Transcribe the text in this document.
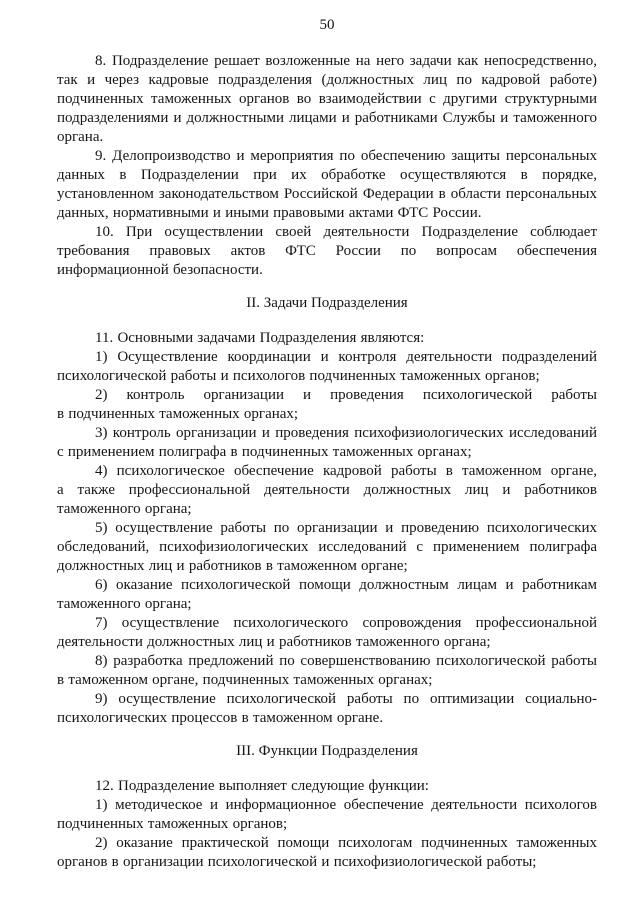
50

8. Подразделение решает возложенные на него задачи как непосредственно, так и через кадровые подразделения (должностных лиц по кадровой работе) подчиненных таможенных органов во взаимодействии с другими структурными подразделениями и должностными лицами и работниками Службы и таможенного органа.

9. Делопроизводство и мероприятия по обеспечению защиты персональных данных в Подразделении при их обработке осуществляются в порядке, установленном законодательством Российской Федерации в области персональных данных, нормативными и иными правовыми актами ФТС России.

10. При осуществлении своей деятельности Подразделение соблюдает требования правовых актов ФТС России по вопросам обеспечения информационной безопасности.

II. Задачи Подразделения

11. Основными задачами Подразделения являются:

1) Осуществление координации и контроля деятельности подразделений психологической работы и психологов подчиненных таможенных органов;

2) контроль организации и проведения психологической работы в подчиненных таможенных органах;

3) контроль организации и проведения психофизиологических исследований с применением полиграфа в подчиненных таможенных органах;

4) психологическое обеспечение кадровой работы в таможенном органе, а также профессиональной деятельности должностных лиц и работников таможенного органа;

5) осуществление работы по организации и проведению психологических обследований, психофизиологических исследований с применением полиграфа должностных лиц и работников в таможенном органе;

6) оказание психологической помощи должностным лицам и работникам таможенного органа;

7) осуществление психологического сопровождения профессиональной деятельности должностных лиц и работников таможенного органа;

8) разработка предложений по совершенствованию психологической работы в таможенном органе, подчиненных таможенных органах;

9) осуществление психологической работы по оптимизации социально-психологических процессов в таможенном органе.

III. Функции Подразделения

12. Подразделение выполняет следующие функции:

1) методическое и информационное обеспечение деятельности психологов подчиненных таможенных органов;

2) оказание практической помощи психологам подчиненных таможенных органов в организации психологической и психофизиологической работы;
